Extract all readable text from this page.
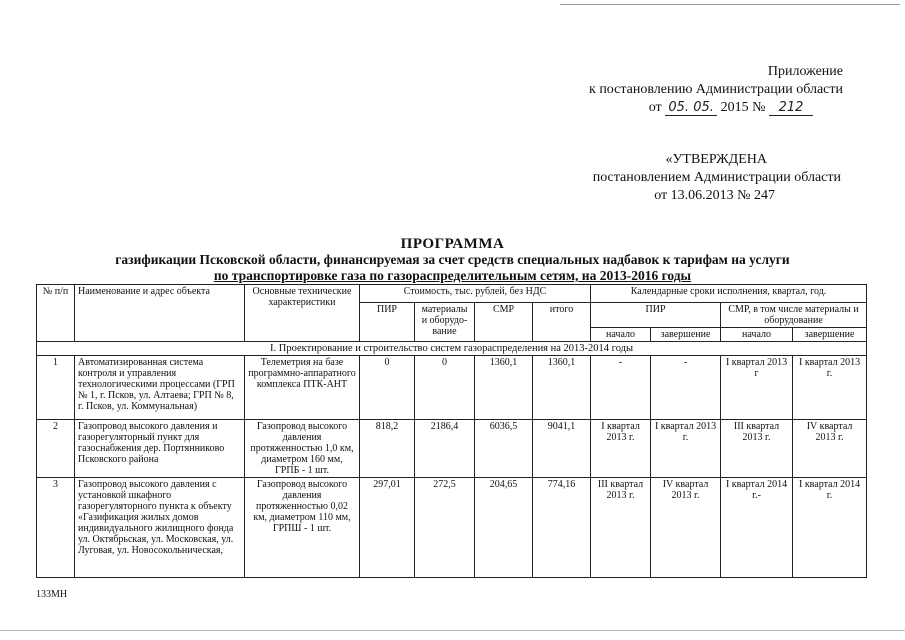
Приложение
к постановлению Администрации области
от 05. 05. 2015 № 212
«УТВЕРЖДЕНА
постановлением Администрации области
от 13.06.2013 № 247
ПРОГРАММА
газификации Псковской области, финансируемая за счет средств специальных надбавок к тарифам на услуги
по транспортировке газа по газораспределительным сетям, на 2013-2016 годы
№ п/п	Наименование и адрес объекта	Основные технические характеристики	Стоимость, тыс. рублей, без НДС				Календарные сроки исполнения, квартал, год.			
			ПИР	материалы и оборудо-вание	СМР	итого	ПИР		СМР, в том числе материалы и оборудование	
							начало	завершение	начало	завершение
I. Проектирование и строительство систем газораспределения на 2013-2014 годы										
1	Автоматизированная система контроля и управления технологическими процессами (ГРП № 1, г. Псков, ул. Алтаева; ГРП № 8, г. Псков, ул. Коммунальная)	Телеметрия на базе программно-аппаратного комплекса ПТК-АНТ	0	0	1360,1	1360,1	-	-	I квартал 2013 г	I квартал 2013 г.
2	Газопровод высокого давления и газорегуляторный пункт для газоснабжения дер. Портянниково Псковского района	Газопровод высокого давления протяженностью 1,0 км, диаметром 160 мм, ГРПБ - 1 шт.	818,2	2186,4	6036,5	9041,1	I квартал 2013 г.	I квартал 2013 г.	III квартал 2013 г.	IV квартал 2013 г.
3	Газопровод высокого давления с установкой шкафного газорегуляторного пункта к объекту «Газификация жилых домов индивидуального жилищного фонда ул. Октябрьская, ул. Московская, ул. Луговая, ул. Новосокольническая,	Газопровод высокого давления протяженностью 0,02 км, диаметром 110 мм, ГРПШ - 1 шт.	297,01	272,5	204,65	774,16	III квартал 2013 г.	IV квартал 2013 г.	I квартал 2014 г.-	I квартал 2014 г.
133МН
